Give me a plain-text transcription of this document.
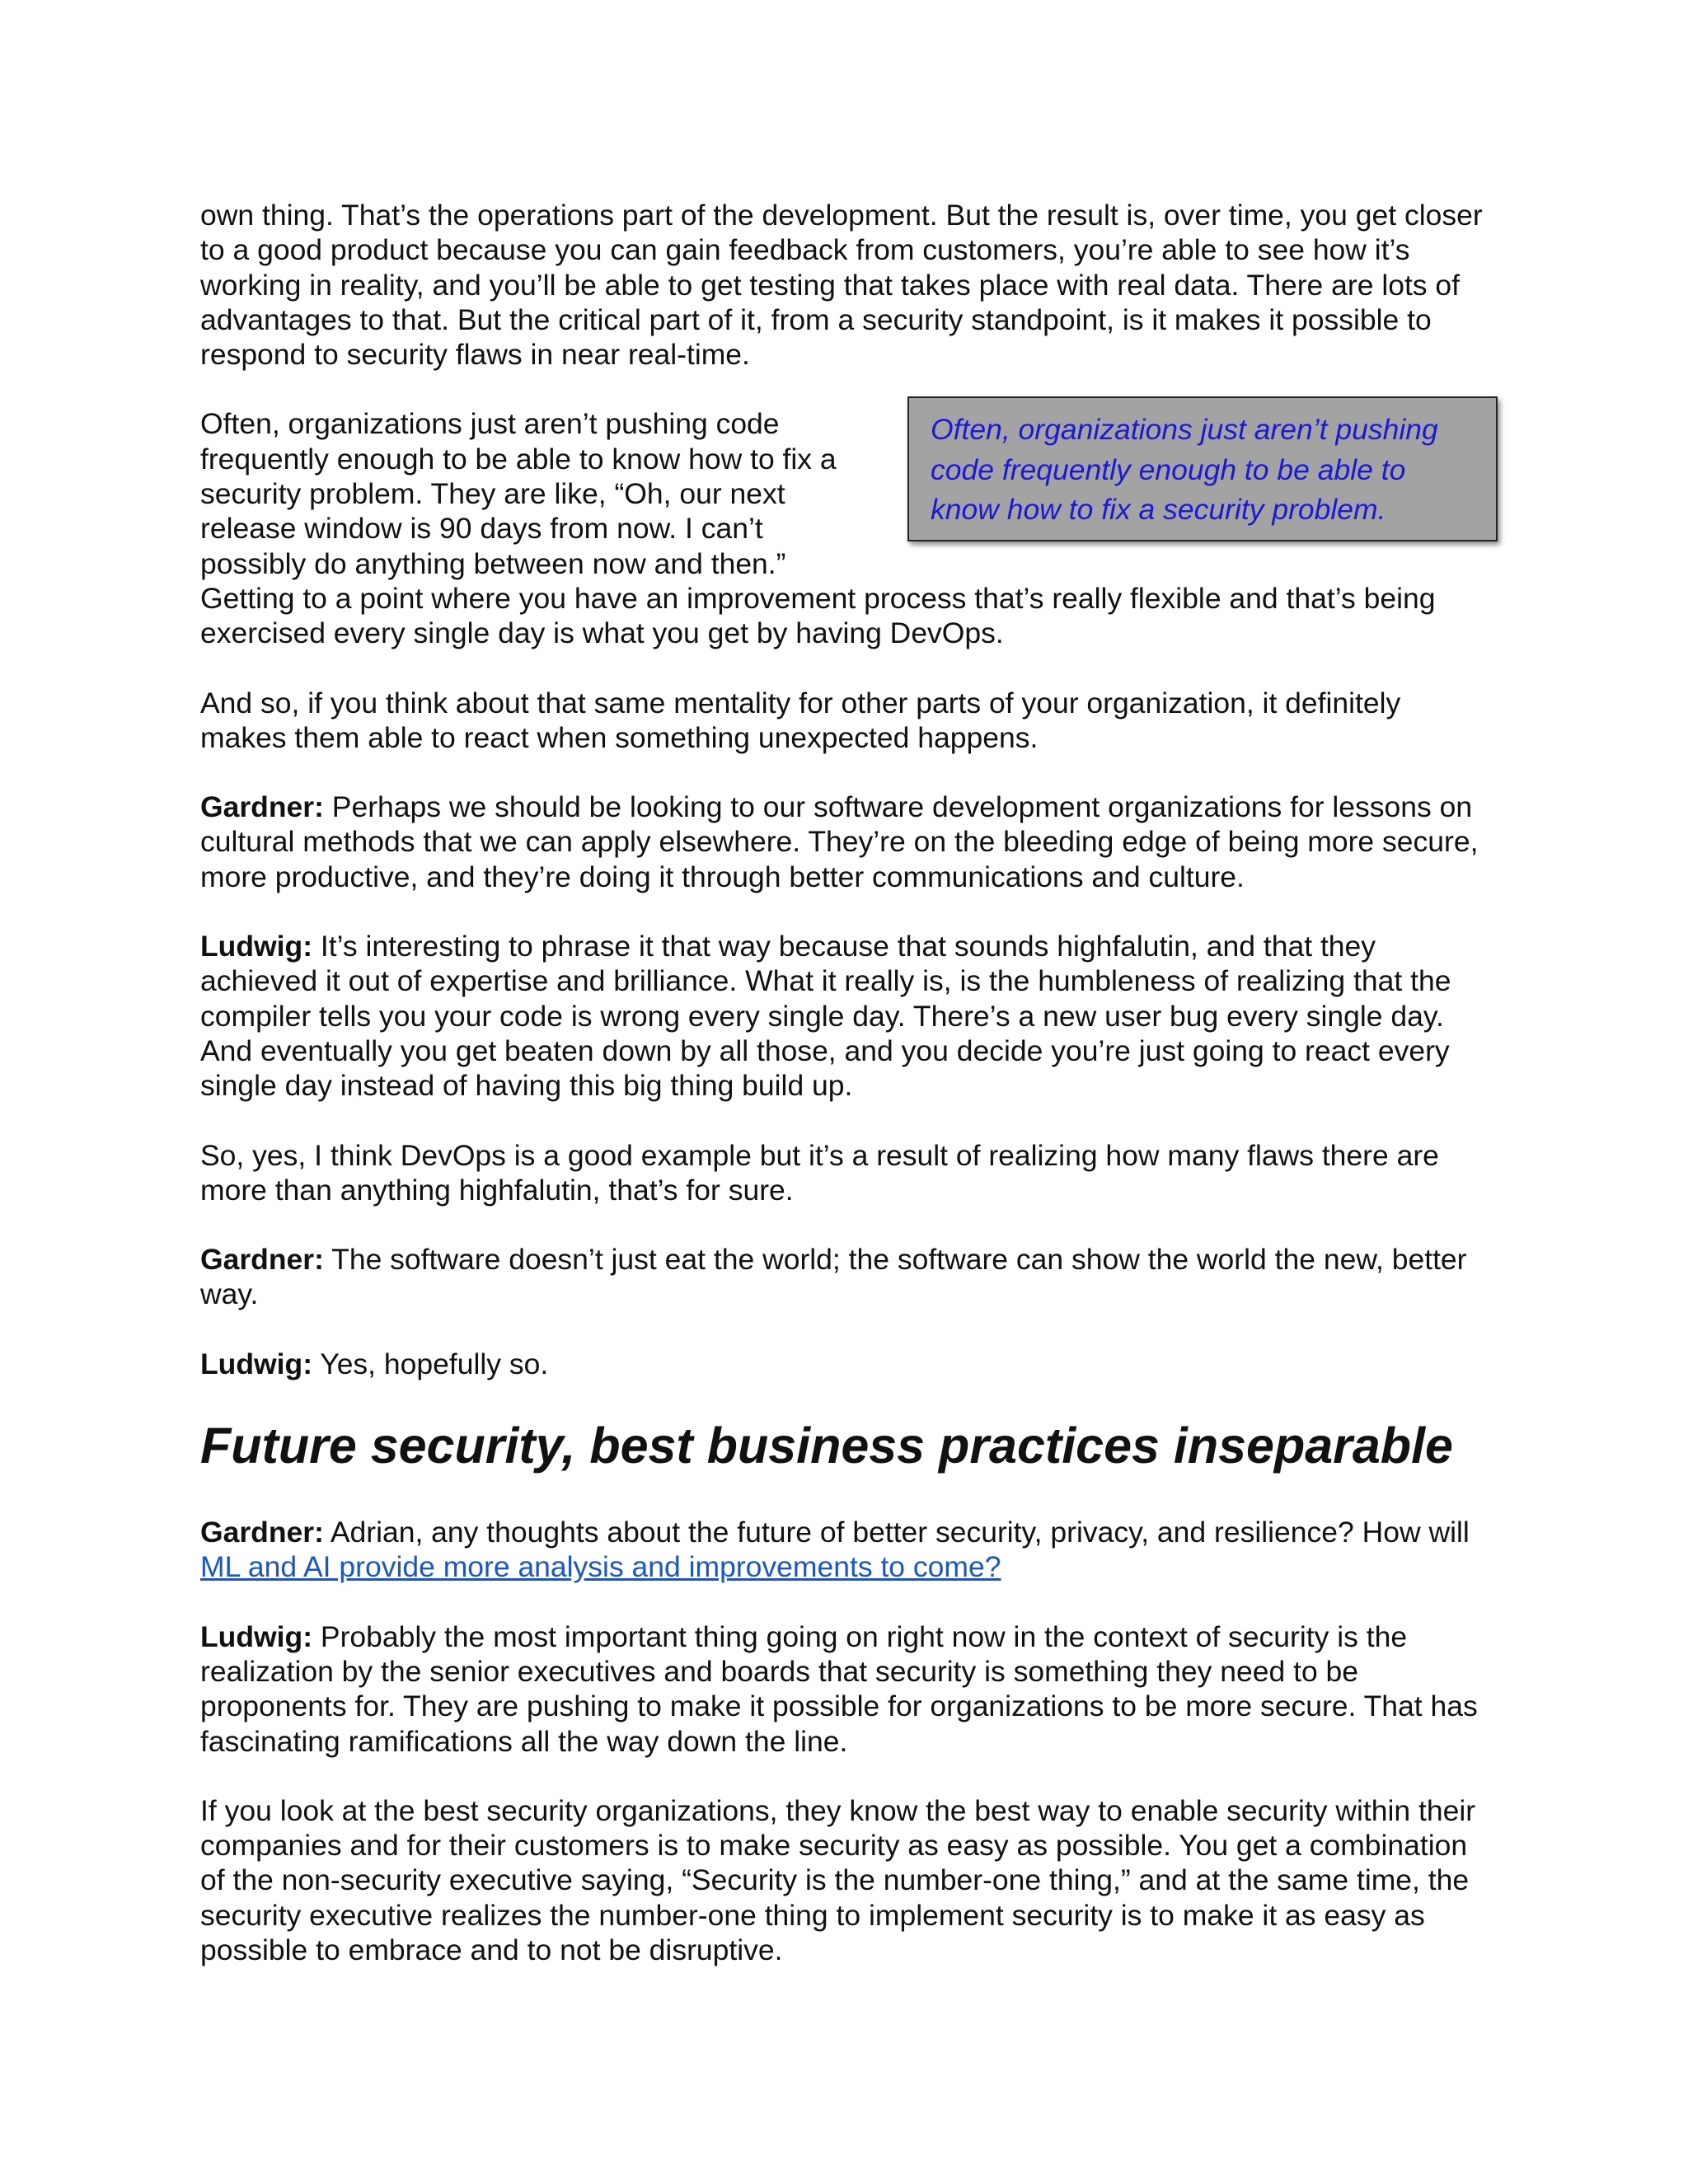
own thing. That’s the operations part of the development. But the result is, over time, you get closer to a good product because you can gain feedback from customers, you’re able to see how it’s working in reality, and you’ll be able to get testing that takes place with real data. There are lots of advantages to that. But the critical part of it, from a security standpoint, is it makes it possible to respond to security flaws in near real-time.

Often, organizations just aren’t pushing code frequently enough to be able to know how to fix a security problem.

Often, organizations just aren’t pushing code frequently enough to be able to know how to fix a security problem. They are like, “Oh, our next release window is 90 days from now. I can’t possibly do anything between now and then.” Getting to a point where you have an improvement process that’s really flexible and that’s being exercised every single day is what you get by having DevOps.

And so, if you think about that same mentality for other parts of your organization, it definitely makes them able to react when something unexpected happens.

Gardner: Perhaps we should be looking to our software development organizations for lessons on cultural methods that we can apply elsewhere. They’re on the bleeding edge of being more secure, more productive, and they’re doing it through better communications and culture.

Ludwig: It’s interesting to phrase it that way because that sounds highfalutin, and that they achieved it out of expertise and brilliance. What it really is, is the humbleness of realizing that the compiler tells you your code is wrong every single day. There’s a new user bug every single day. And eventually you get beaten down by all those, and you decide you’re just going to react every single day instead of having this big thing build up.

So, yes, I think DevOps is a good example but it’s a result of realizing how many flaws there are more than anything highfalutin, that’s for sure.

Gardner: The software doesn’t just eat the world; the software can show the world the new, better way.

Ludwig: Yes, hopefully so.

Future security, best business practices inseparable

Gardner: Adrian, any thoughts about the future of better security, privacy, and resilience? How will ML and AI provide more analysis and improvements to come?

Ludwig: Probably the most important thing going on right now in the context of security is the realization by the senior executives and boards that security is something they need to be proponents for. They are pushing to make it possible for organizations to be more secure. That has fascinating ramifications all the way down the line.

If you look at the best security organizations, they know the best way to enable security within their companies and for their customers is to make security as easy as possible. You get a combination of the non-security executive saying, “Security is the number-one thing,” and at the same time, the security executive realizes the number-one thing to implement security is to make it as easy as possible to embrace and to not be disruptive.
